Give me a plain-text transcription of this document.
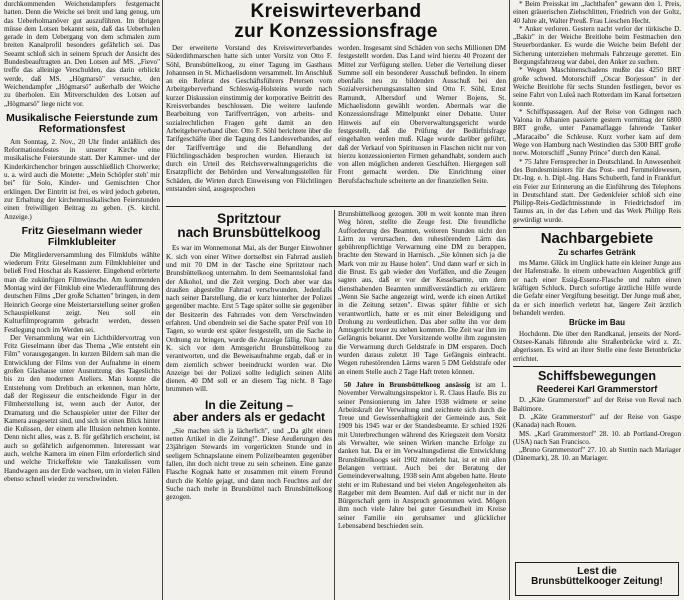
durchkommenden Weichendampfers festgemacht hatten. Denn die Weiche sei breit und lang genug, um das Ueberholmanöver gut auszuführen. Im übrigen müsse dem Lotsen bekannt sein, daß das Ueberholen gerade in dem Uebergang von dem schmalen zum breiten Kanalprofil besonders gefährlich sei. Das Seeamt schloß sich in seinem Spruch der Ansicht des Bundesbeauftragten an. Den Lotsen auf MS. „Fievo" treffe das alleinige Verschulden, das darin erblickt werde, daß MS. „Högmarsö" versuchte, den Weichendampfer „Högmarsö" außerhalb der Weiche zu überholen. Ein Mitverschulden des Lotsen auf „Högmarsö" liege nicht vor.

Musikalische Feierstunde zum Reformationsfest

Am Sonntag, 2. Nov., 20 Uhr findet anläßlich des Reformationsfestes in unserer Kirche eine musikalische Feierstunde statt. Der Kammer- und der Kinderkirchenchor bringen ausschließlich Chorwerke; u. a. wird auch die Motette: „Mein Schöpfer steh' mir bei" für Solo, Kinder- und Gemischten Chor erklingen. Der Eintritt ist frei, es wird jedoch gebeten, zur Erhaltung der kirchenmusikalischen Feierstunden einen freiwilligen Beitrag zu geben. (S. kirchl. Anzeige.)

Fritz Gieselmann wieder Filmklubleiter

Die Mitgliederversammlung des Filmklubs wählte wiederum Fritz Gieselmann zum Filmklubleiter und beließ Fred Hoschat als Kassierer. Eingehend erörterte man die zukünftigen Filmwünsche. Am kommenden Montag wird der Filmklub eine Wiederaufführung des deutschen Films „Der große Schatten" bringen, in dem Heinrich George eine Meistertarstellung seiner großen Schauspielkunst zeigt. Neu soll ein Kulturfilmprogramm gebracht werden, dessen Festlegung noch im Werden sei.

Der Versammlung war ein Lichtbildervortrag von Fritz Gieselmann über das Thema „Wie entsteht ein Film" vorausgegangen. In kurzen Bildern sah man die Entwicklung der Films von der Aufnahme in einem großen Glashause unter Ausnutzung des Tageslichts bis zu den modernen Ateliers. Man konnte die Entstehung vom Drehbuch an erkennen, man hörte, daß der Regisseur die entscheidende Figur in der Filmherstellung ist, wenn auch der Autor, der Dramaturg und die Schauspieler unter der Filter der Kamera ausgesetzt sind, und sich ist einen Blick hinter die Kulissen, der einem alle Illusion nehmen konnte. Denn nicht alles, was z. B. für gefährlich erscheint, ist auch so gefährlich aufgenommen. Interessant war auch, welche Kamera im einen Film erforderlich sind und welche Trickeffekte wie Tanzkulissen vom Handwagen aus der Erde wachsen, um in vielen Fällen ebenso schnell wieder zu verschwinden.

Kreiswirteverband
zur Konzessionsfrage

Der erweiterte Vorstand des Kreiswirteverbandes Süderdithmarschen hatte sich unter Vorsitz von Otto F. Söhl, Brunsbüttelkoog, zu einer Tagung im Gasthaus Johannsen in St. Michaelisdonn versammelt. Im Anschluß an ein Referat des Geschäftsführers Petersen vom Arbeitgeberverband Schleswig-Holsteins wurde nach kurzer Diskussion einstimmig der korporative Beitritt des Kreisverbandes beschlossen. Die weitere laufende Bearbeitung von Tariffverträgen, von arbeits- und sozialrechtlichen Fragen geht damit an den Arbeitgeberverband über. Otto F. Söhl berichtete über die Tarifgeschäfte über die Tagung des Landesverbandes, auf der Tariffverträge und die Behandlung der Flüchtlingsschäden besprochen wurden. Hierauch ist durch ein Urteil des Reichsverwaltungsgerichts die Ersatzpflicht der Behörden und Verwaltungsstellen für Schäden, die Wirten durch Einweisung von Flüchtlingen entstanden sind, ausgesprochen

worden. Insgesamt sind Schäden von sechs Millionen DM festgestellt worden. Das Land wird hierzu 40 Prozent der Mittel zur Verfügung stellen. Ueber die Verteilung dieser Summe soll ein besonderer Ausschuß befinden. In einem ebenfalls neu zu bildenden Ausschuß bei den Sozialversicherungsanstalten sind Otto F. Söhl, Ernst Ramundt, Albersdorf und Werner Bojens, St. Michaelisdonn gewählt worden. Abermals war die Konzessionsfrage Mittelpunkt einer Debatte. Unter Hinweis auf ein Oberverwaltungsgericht wurde festgestellt, daß die Prüfung der Bedürfnisfrage eingehalten werden muß. Klage wurde darüber geführt, daß der Verkauf von Spirituosen in Flaschen nicht nur von hierzu konzessionierten Firmen gehandhabt, sondern auch von allen möglichen anderen Geschäften. Hiergegen soll Front gemacht werden. Die Einrichtung einer Berufsfachschule scheiterte an der finanziellen Seite.

Spritztour
nach Brunsbüttelkoog

Es war im Wonnemonat Mai, als der Burger Einwohner K. sich von einer Witwe dortselbst ein Fahrrad auslieh und mit 70 DM in der Tasche eine Spritztour nach Brunsbüttelkoog unternahm. In dem Seemannslokal fand der Alkohol, und die Zeit verging. Doch aber war das draußen abgestellte Fahrrad verschwunden. Jedenfalls nach seiner Darstellung, die er kurz hinterher der Polizei gegenüber machte. Erst 5 Tage später sollte sie gegenüber der Besitzerin des Fahrrades von dem Verschwinden erfahren. Und obendrein sei die Sache spater Prüf von 10 Tagen, so wurde erst später festgestellt, um die Sache in Ordnung zu bringen, wurde die Anzeige fällig. Nun hatte K. sich vor dem Amtsgericht Brunsbüttelkoog zu verantworten, und die Beweisaufnahme ergab, daß er in dem ziemlich schwer beeindruckt worden war. Die Anzeige bei der Polizei sollte lediglich seinen Alibi dienen. 40 DM soll er an diesem Tag nicht. 8 Tage brummen will.

In die Zeitung –
aber anders als er gedacht

„Sie machen sich ja lächerlich", und „Da gibt einen netten Artikel in die Zeitung!". Diese Aeußerungen des 23jährigen Stewards im vorgerückten Stunde und in seeligem Schnapslaune einem Polizeibeamten gegenüber fallen, ihn doch nicht treue zu sein scheinen. Eine ganze Flasche Kognak hatte er zusammen mit einem Freund durch die Kehle gejagt, und dann noch Feuchtes auf der Suche nach mehr in Brunsbüttel nach Brunsbüttelkoog gezogen.

Brunsbüttelkoog gezogen. 300 m weit konnte man ihren Weg hören, stellte die Zeuge fest. Die freundliche Aufforderung des Beamten, weiteren Stunden nicht den Lärm zu verursachen, den ruhestörendem Lärm das gebührenpflichtige Verwarnung eine DM zu berappen, brachte den Steward in Harnisch. „Sie können sich ja die Mark von mir zu Hause holen". Und dann warf er sich in die Brust. Es gab wieder den Vorfällen, und die Zeugen sagten aus, daß er vor der Kesselsamte, um dem diensthabenden Beamten unmißverständlich zu erklären: „Wenn Sie Sache angezeigt wird, werde ich einen Artikel in die Zeitung setzen". Etwas später fühlte er sich verantwortlich, hatte er es mit einer Beleidigung und Drohung zu verdeutlichen. Das aber sollte ihn vor dem Amtsgericht teuer zu stehen kommen. Die Zeit war ihm im Gefängnis bekannt. Der Vorsitzende wollte ihm zugunsten die Verwarnung durch Geldstrafe in DM ersparen. Doch wurden daraus zuletzt 10 Tage Gefängnis einbracht. Wegen ruhestörenden Lärms waren 5 DM Geldstrafe oder an einem Stelle auch 2 Tage Haft treten können.

50 Jahre in Brunsbüttelkoog ansässig ist am 1. November Verwaltungsinspektor i. R. Claus Haufe. Bis zu seiner Pensionierung im Jahre 1938 widmete er seine Arbeitskraft der Verwaltung und zeichnete sich durch die Treue und Gewissenhaftigkeit der Gemeinde aus. Seit 1909 bis 1945 war er der Standesbeamte. Er schied 1926 mit Unterbrechungen während des Kriegszeit dem Vorsitz als Verwalter, wie seinen Wirken manche Erfolge zu danken hat. Da er im Verwaltungsdienst die Entwicklung Brunsbüttelkoogs seit 1902 miterlebt hat, ist er mit allen Belangen vertraut. Auch bei der Beratung der Gemeindeverwaltung, 1938 sein Amt abgeben hatte. Heute steht er im Ruhestand und bei vielen Angelegenheiten als Ratgeber mit dem Beamten. Auf daß er nicht nur in der Bürgerschaft gern in Anspruch genommen wird. Mögen ihm noch viele Jahre bei guter Gesundheit im Kreise seiner Familie ein geruhsamer und glücklicher Lebensabend beschieden sein.

* Beim Preisskat im „Jachthafen" gewann den 1. Preis, einen gräuerischen Ziehschlitten, Friedrich von der Goltz, 40 Jahre alt, Walter Preuß. Frau Lieschen Hecht.

* Anker verloren. Gestern nacht verlor der türkische D. „Bakir" in der Weiche Breitlohe beim Festmachen den Steuerbordanker. Es wurde die Weiche beim Befehl der Sicherung unterziehen mehrmals Fahrzeuge gerettet. Ein Bergungsfahrzeug war dabei, den Anker zu suchen.

* Wegen Maschinenschadens mußte das 4250 BRT große schwed. Motorschiff „Oscar Borjesson" in der Weiche Breitlohe für sechs Stunden festliegen, bevor es seine Fahrt von Luleå nach Rotterdam im Kanal fortsetzen konnte.

* Schiffspassagen. Auf der Reise von Gdingen nach Valona in Albanien passierte gestern vormittag der 6800 BRT große, unter Panamaflagge fahrende Tanker „Maracaibo" die Schleuse. Kurz vorher kam auf dem Wege von Hamburg nach Westindien das 5300 BRT große norw. Motorschiff „Sunny Prince" durch den Kanal.

* 75 Jahre Fernsprecher in Deutschland. In Anwesenheit des Bundesministers für das Post- und Fernmeldewesen, Dr.-Ing. e. h. Dipl.-Ing. Hans Schuberth, fand in Frankfurt ein Feier zur Erinnerung an die Einführung des Telephons in Deutschland statt. Der Gedenkfeier schloß sich eine Philipp-Reis-Gedächtnisstunde in Friedrichsdorf im Taunus an, in der das Leben und das Werk Philipp Reis gewürdigt wurde.

Nachbargebiete
Zu scharfes Getränk

ms Marne. Glück im Unglück hatte ein kleiner Junge aus der Hafenstraße. In einem unbewachten Augenblick griff er nach einer Essig-Essenz-Flasche und nahm einen kräftigen Schluck. Durch sofortige ärztliche Hilfe wurde die Gefahr einer Vergiftung beseitigt. Der Junge muß aber, da er sich innerlich verletzt hat, längere Zeit ärztlich behandelt werden.

Brücke im Bau

Hochdonn. Die über den Randkanal, jenseits der Nord-Ostsee-Kanals führende alte Straßenbrücke wird z. Zt. abgerissen. Es wird an ihrer Stelle eine feste Betonbrücke errichtet.

Schiffsbewegungen
Reederei Karl Grammerstorf

D. „Käte Grammerstorf" auf der Reise von Reval nach Baltimore.

D. „Käte Grammerstorf" auf der Reise von Gaspe (Kanada) nach Rouen.

MS. „Karl Grammerstorf" 28. 10. ab Portland-Oregon (USA) nach San Francisco.

„Bruno Grammerstorf" 27. 10. ab Stettin nach Mariager (Dänemark), 28. 10. an Mariager.

Lest die
Brunsbüttelkooger Zeitung!
